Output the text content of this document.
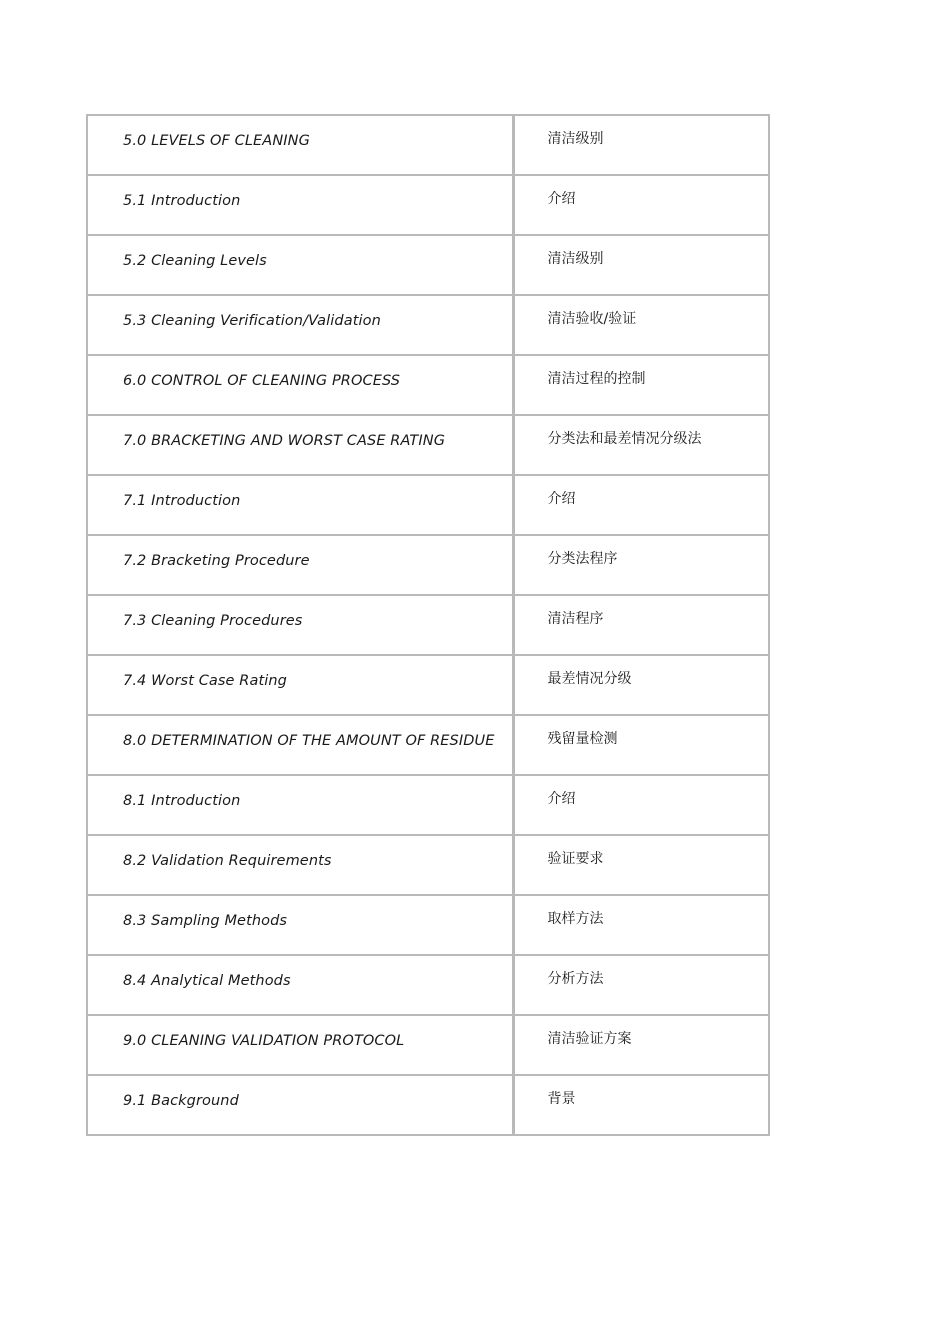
5.0 LEVELS OF CLEANING	清洁级别

5.1 Introduction	介绍

5.2 Cleaning Levels	清洁级别

5.3 Cleaning Verification/Validation	清洁验收/验证

6.0 CONTROL OF CLEANING PROCESS	清洁过程的控制

7.0 BRACKETING AND WORST CASE RATING	分类法和最差情况分级法

7.1 Introduction	介绍

7.2 Bracketing Procedure	分类法程序

7.3 Cleaning Procedures	清洁程序

7.4 Worst Case Rating	最差情况分级

8.0 DETERMINATION OF THE AMOUNT OF RESIDUE	残留量检测

8.1 Introduction	介绍

8.2 Validation Requirements	验证要求

8.3 Sampling Methods	取样方法

8.4 Analytical Methods	分析方法

9.0 CLEANING VALIDATION PROTOCOL	清洁验证方案

9.1 Background	背景
